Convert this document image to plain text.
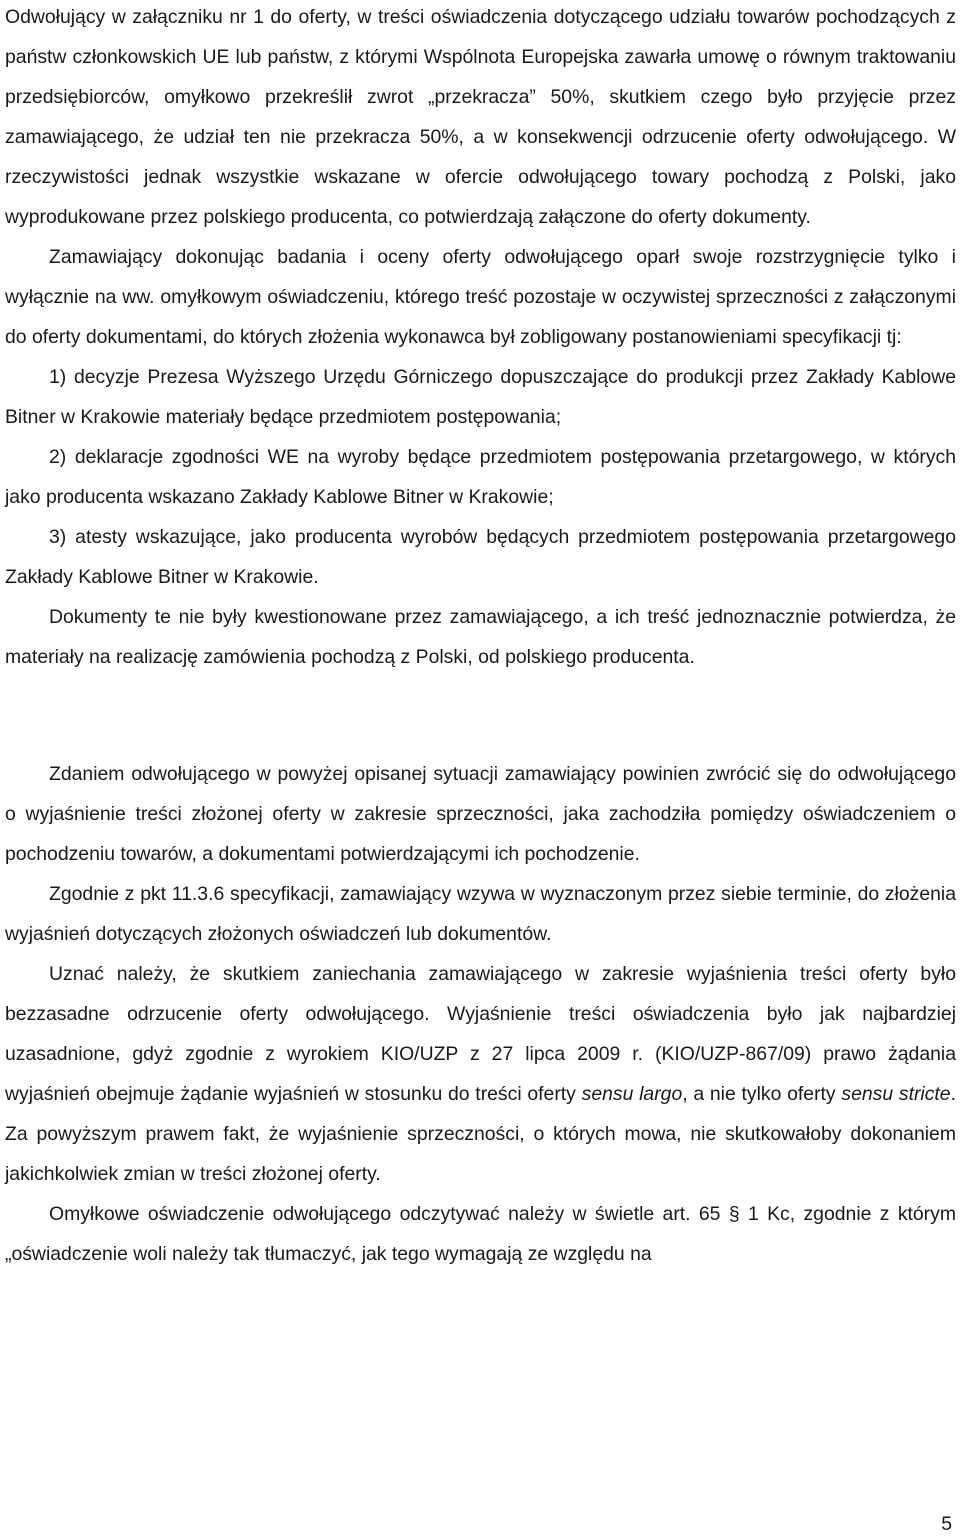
Odwołujący w załączniku nr 1 do oferty, w treści oświadczenia dotyczącego udziału towarów pochodzących z państw członkowskich UE lub państw, z którymi Wspólnota Europejska zawarła umowę o równym traktowaniu przedsiębiorców, omyłkowo przekreślił zwrot „przekracza” 50%, skutkiem czego było przyjęcie przez zamawiającego, że udział ten nie przekracza 50%, a w konsekwencji odrzucenie oferty odwołującego. W rzeczywistości jednak wszystkie wskazane w ofercie odwołującego towary pochodzą z Polski, jako wyprodukowane przez polskiego producenta, co potwierdzają załączone do oferty dokumenty.

Zamawiający dokonując badania i oceny oferty odwołującego oparł swoje rozstrzygnięcie tylko i wyłącznie na ww. omyłkowym oświadczeniu, którego treść pozostaje w oczywistej sprzeczności z załączonymi do oferty dokumentami, do których złożenia wykonawca był zobligowany postanowieniami specyfikacji tj:

1) decyzje Prezesa Wyższego Urzędu Górniczego dopuszczające do produkcji przez Zakłady Kablowe Bitner w Krakowie materiały będące przedmiotem postępowania;

2) deklaracje zgodności WE na wyroby będące przedmiotem postępowania przetargowego, w których jako producenta wskazano Zakłady Kablowe Bitner w Krakowie;

3) atesty wskazujące, jako producenta wyrobów będących przedmiotem postępowania przetargowego Zakłady Kablowe Bitner w Krakowie.

Dokumenty te nie były kwestionowane przez zamawiającego, a ich treść jednoznacznie potwierdza, że materiały na realizację zamówienia pochodzą z Polski, od polskiego producenta.

Zdaniem odwołującego w powyżej opisanej sytuacji zamawiający powinien zwrócić się do odwołującego o wyjaśnienie treści złożonej oferty w zakresie sprzeczności, jaka zachodziła pomiędzy oświadczeniem o pochodzeniu towarów, a dokumentami potwierdzającymi ich pochodzenie.

Zgodnie z pkt 11.3.6 specyfikacji, zamawiający wzywa w wyznaczonym przez siebie terminie, do złożenia wyjaśnień dotyczących złożonych oświadczeń lub dokumentów.

Uznać należy, że skutkiem zaniechania zamawiającego w zakresie wyjaśnienia treści oferty było bezzasadne odrzucenie oferty odwołującego. Wyjaśnienie treści oświadczenia było jak najbardziej uzasadnione, gdyż zgodnie z wyrokiem KIO/UZP z 27 lipca 2009 r. (KIO/UZP-867/09) prawo żądania wyjaśnień obejmuje żądanie wyjaśnień w stosunku do treści oferty sensu largo, a nie tylko oferty sensu stricte. Za powyższym prawem fakt, że wyjaśnienie sprzeczności, o których mowa, nie skutkowałoby dokonaniem jakichkolwiek zmian w treści złożonej oferty.

Omyłkowe oświadczenie odwołującego odczytywać należy w świetle art. 65 § 1 Kc, zgodnie z którym „oświadczenie woli należy tak tłumaczyć, jak tego wymagają ze względu na

5
